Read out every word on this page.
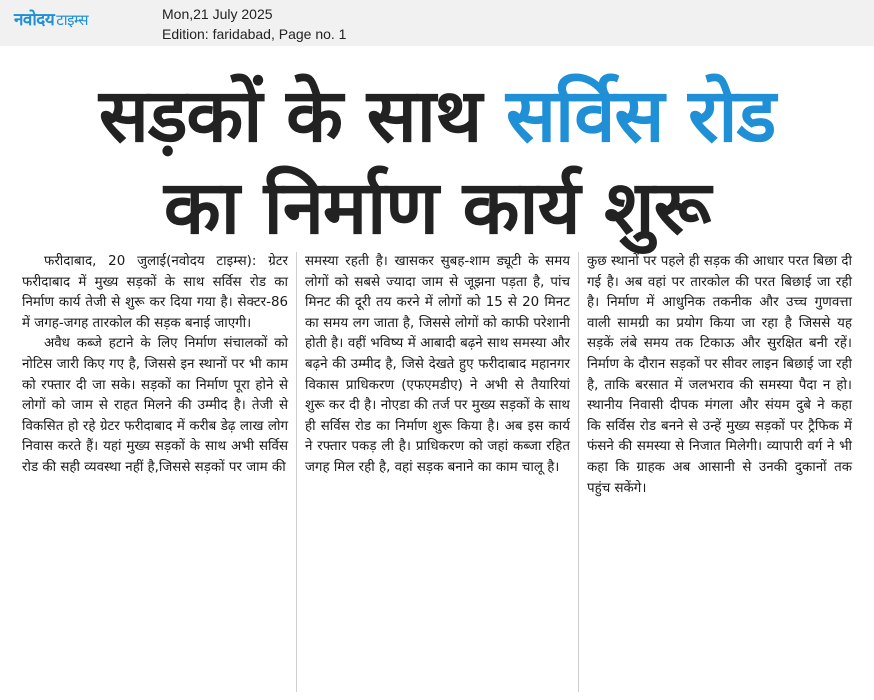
नवोदय टाइम्स	Mon,21 July 2025
Edition: faridabad, Page no. 1
सड़कों के साथ सर्विस रोड
का निर्माण कार्य शुरू

फरीदाबाद, 20 जुलाई(नवोदय टाइम्स): ग्रेटर फरीदाबाद में मुख्य सड़कों के साथ सर्विस रोड का निर्माण कार्य तेजी से शुरू कर दिया गया है। सेक्टर-86 में जगह-जगह तारकोल की सड़क बनाई जाएगी।

अवैध कब्जे हटाने के लिए निर्माण संचालकों को नोटिस जारी किए गए है, जिससे इन स्थानों पर भी काम को रफ्तार दी जा सके। सड़कों का निर्माण पूरा होने से लोगों को जाम से राहत मिलने की उम्मीद है। तेजी से विकसित हो रहे ग्रेटर फरीदाबाद में करीब डेढ़ लाख लोग निवास करते हैं। यहां मुख्य सड़कों के साथ अभी सर्विस रोड की सही व्यवस्था नहीं है,जिससे सड़कों पर जाम की

समस्या रहती है। खासकर सुबह-शाम ड्यूटी के समय लोगों को सबसे ज्यादा जाम से जूझना पड़ता है, पांच मिनट की दूरी तय करने में लोगों को 15 से 20 मिनट का समय लग जाता है, जिससे लोगों को काफी परेशानी होती है। वहीं भविष्य में आबादी बढ़ने साथ समस्या और बढ़ने की उम्मीद है, जिसे देखते हुए फरीदाबाद महानगर विकास प्राधिकरण (एफएमडीए) ने अभी से तैयारियां शुरू कर दी है। नोएडा की तर्ज पर मुख्य सड़कों के साथ ही सर्विस रोड का निर्माण शुरू किया है। अब इस कार्य ने रफ्तार पकड़ ली है। प्राधिकरण को जहां कब्जा रहित जगह मिल रही है, वहां सड़क बनाने का काम चालू है।

कुछ स्थानों पर पहले ही सड़क की आधार परत बिछा दी गई है। अब वहां पर तारकोल की परत बिछाई जा रही है। निर्माण में आधुनिक तकनीक और उच्च गुणवत्ता वाली सामग्री का प्रयोग किया जा रहा है जिससे यह सड़कें लंबे समय तक टिकाऊ और सुरक्षित बनी रहें। निर्माण के दौरान सड़कों पर सीवर लाइन बिछाई जा रही है, ताकि बरसात में जलभराव की समस्या पैदा न हो। स्थानीय निवासी दीपक मंगला और संयम दुबे ने कहा कि सर्विस रोड बनने से उन्हें मुख्य सड़कों पर ट्रैफिक में फंसने की समस्या से निजात मिलेगी। व्यापारी वर्ग ने भी कहा कि ग्राहक अब आसानी से उनकी दुकानों तक पहुंच सकेंगे।
